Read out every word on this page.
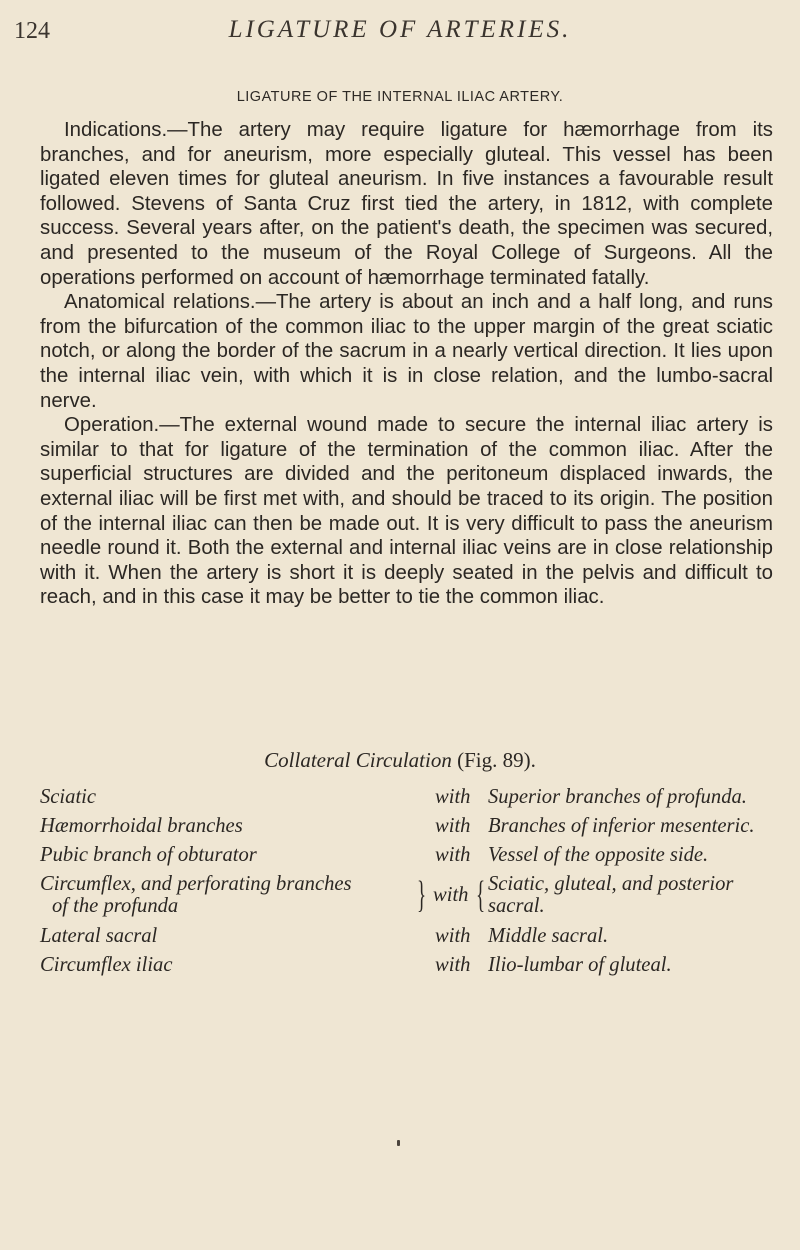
124	LIGATURE OF ARTERIES.
LIGATURE OF THE INTERNAL ILIAC ARTERY.

Indications.—The artery may require ligature for hæmorrhage from its branches, and for aneurism, more especially gluteal. This vessel has been ligated eleven times for gluteal aneurism. In five instances a favourable result followed. Stevens of Santa Cruz first tied the artery, in 1812, with complete success. Several years after, on the patient's death, the specimen was secured, and presented to the museum of the Royal College of Surgeons. All the operations performed on account of hæmorrhage terminated fatally.

Anatomical relations.—The artery is about an inch and a half long, and runs from the bifurcation of the common iliac to the upper margin of the great sciatic notch, or along the border of the sacrum in a nearly vertical direction. It lies upon the internal iliac vein, with which it is in close relation, and the lumbo-sacral nerve.

Operation.—The external wound made to secure the internal iliac artery is similar to that for ligature of the termination of the common iliac. After the superficial structures are divided and the peritoneum displaced inwards, the external iliac will be first met with, and should be traced to its origin. The position of the internal iliac can then be made out. It is very difficult to pass the aneurism needle round it. Both the external and internal iliac veins are in close relationship with it. When the artery is short it is deeply seated in the pelvis and difficult to reach, and in this case it may be better to tie the common iliac.

Collateral Circulation (Fig. 89).
Sciatic	with Superior branches of profunda.
Hæmorrhoidal branches	with Branches of inferior mesenteric.
Pubic branch of obturator	with Vessel of the opposite side.
Circumflex, and perforating branches
of the profunda	} with { Sciatic, gluteal, and posterior
sacral.
Lateral sacral	with Middle sacral.
Circumflex iliac	with Ilio-lumbar of gluteal.
